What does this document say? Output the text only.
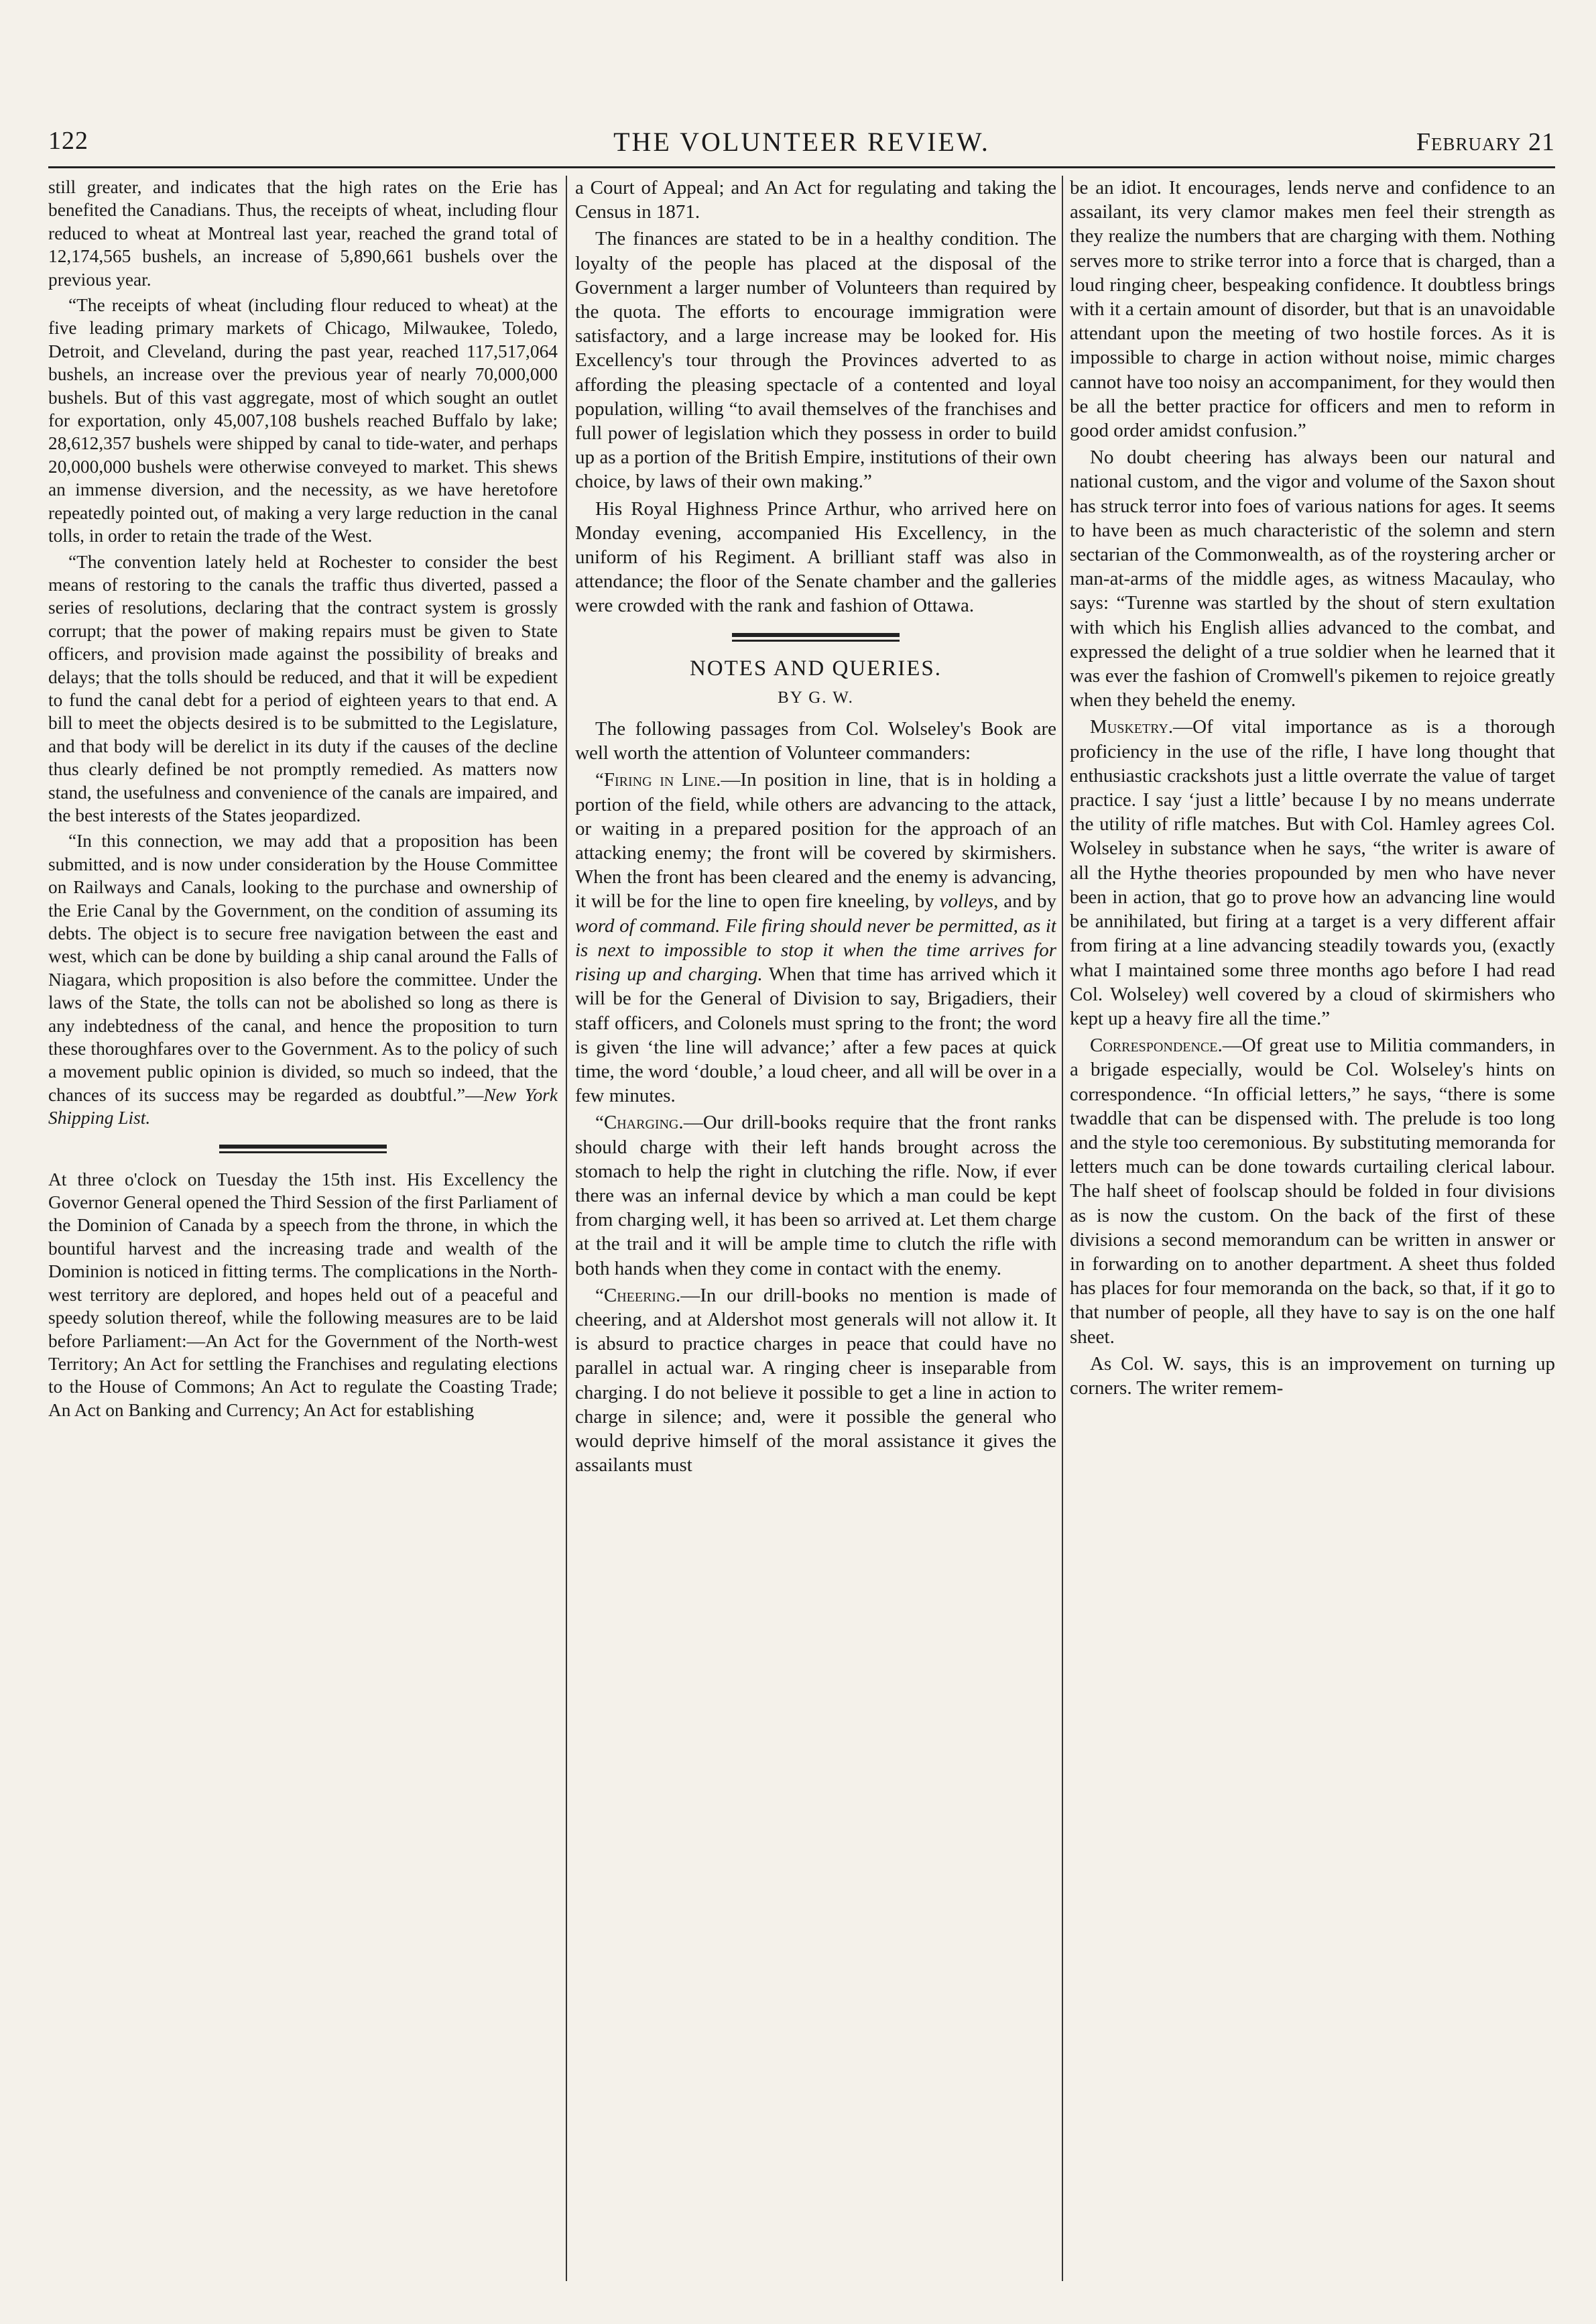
122	THE VOLUNTEER REVIEW.	February 21

still greater, and indicates that the high rates on the Erie has benefited the Canadians. Thus, the receipts of wheat, including flour reduced to wheat at Montreal last year, reached the grand total of 12,174,565 bushels, an increase of 5,890,661 bushels over the previous year.

“The receipts of wheat (including flour reduced to wheat) at the five leading primary markets of Chicago, Milwaukee, Toledo, Detroit, and Cleveland, during the past year, reached 117,517,064 bushels, an increase over the previous year of nearly 70,000,000 bushels. But of this vast aggregate, most of which sought an outlet for exportation, only 45,007,108 bushels reached Buffalo by lake; 28,612,357 bushels were shipped by canal to tide-water, and perhaps 20,000,000 bushels were otherwise conveyed to market. This shews an immense diversion, and the necessity, as we have heretofore repeatedly pointed out, of making a very large reduction in the canal tolls, in order to retain the trade of the West.

“The convention lately held at Rochester to consider the best means of restoring to the canals the traffic thus diverted, passed a series of resolutions, declaring that the contract system is grossly corrupt; that the power of making repairs must be given to State officers, and provision made against the possibility of breaks and delays; that the tolls should be reduced, and that it will be expedient to fund the canal debt for a period of eighteen years to that end. A bill to meet the objects desired is to be submitted to the Legislature, and that body will be derelict in its duty if the causes of the decline thus clearly defined be not promptly remedied. As matters now stand, the usefulness and convenience of the canals are impaired, and the best interests of the States jeopardized.

“In this connection, we may add that a proposition has been submitted, and is now under consideration by the House Committee on Railways and Canals, looking to the purchase and ownership of the Erie Canal by the Government, on the condition of assuming its debts. The object is to secure free navigation between the east and west, which can be done by building a ship canal around the Falls of Niagara, which proposition is also before the committee. Under the laws of the State, the tolls can not be abolished so long as there is any indebtedness of the canal, and hence the proposition to turn these thoroughfares over to the Government. As to the policy of such a movement public opinion is divided, so much so indeed, that the chances of its success may be regarded as doubtful.”—New York Shipping List.

At three o'clock on Tuesday the 15th inst. His Excellency the Governor General opened the Third Session of the first Parliament of the Dominion of Canada by a speech from the throne, in which the bountiful harvest and the increasing trade and wealth of the Dominion is noticed in fitting terms. The complications in the North-west territory are deplored, and hopes held out of a peaceful and speedy solution thereof, while the following measures are to be laid before Parliament:—An Act for the Government of the North-west Territory; An Act for settling the Franchises and regulating elections to the House of Commons; An Act to regulate the Coasting Trade; An Act on Banking and Currency; An Act for establishing

a Court of Appeal; and An Act for regulating and taking the Census in 1871.

The finances are stated to be in a healthy condition. The loyalty of the people has placed at the disposal of the Government a larger number of Volunteers than required by the quota. The efforts to encourage immigration were satisfactory, and a large increase may be looked for. His Excellency's tour through the Provinces adverted to as affording the pleasing spectacle of a contented and loyal population, willing “to avail themselves of the franchises and full power of legislation which they possess in order to build up as a portion of the British Empire, institutions of their own choice, by laws of their own making.”

His Royal Highness Prince Arthur, who arrived here on Monday evening, accompanied His Excellency, in the uniform of his Regiment. A brilliant staff was also in attendance; the floor of the Senate chamber and the galleries were crowded with the rank and fashion of Ottawa.

NOTES AND QUERIES.
BY G. W.

The following passages from Col. Wolseley's Book are well worth the attention of Volunteer commanders:

“Firing in Line.—In position in line, that is in holding a portion of the field, while others are advancing to the attack, or waiting in a prepared position for the approach of an attacking enemy; the front will be covered by skirmishers. When the front has been cleared and the enemy is advancing, it will be for the line to open fire kneeling, by volleys, and by word of command. File firing should never be permitted, as it is next to impossible to stop it when the time arrives for rising up and charging. When that time has arrived which it will be for the General of Division to say, Brigadiers, their staff officers, and Colonels must spring to the front; the word is given ‘the line will advance;’ after a few paces at quick time, the word ‘double,’ a loud cheer, and all will be over in a few minutes.

“Charging.—Our drill-books require that the front ranks should charge with their left hands brought across the stomach to help the right in clutching the rifle. Now, if ever there was an infernal device by which a man could be kept from charging well, it has been so arrived at. Let them charge at the trail and it will be ample time to clutch the rifle with both hands when they come in contact with the enemy.

“Cheering.—In our drill-books no mention is made of cheering, and at Aldershot most generals will not allow it. It is absurd to practice charges in peace that could have no parallel in actual war. A ringing cheer is inseparable from charging. I do not believe it possible to get a line in action to charge in silence; and, were it possible the general who would deprive himself of the moral assistance it gives the assailants must

be an idiot. It encourages, lends nerve and confidence to an assailant, its very clamor makes men feel their strength as they realize the numbers that are charging with them. Nothing serves more to strike terror into a force that is charged, than a loud ringing cheer, bespeaking confidence. It doubtless brings with it a certain amount of disorder, but that is an unavoidable attendant upon the meeting of two hostile forces. As it is impossible to charge in action without noise, mimic charges cannot have too noisy an accompaniment, for they would then be all the better practice for officers and men to reform in good order amidst confusion.”

No doubt cheering has always been our natural and national custom, and the vigor and volume of the Saxon shout has struck terror into foes of various nations for ages. It seems to have been as much characteristic of the solemn and stern sectarian of the Commonwealth, as of the roystering archer or man-at-arms of the middle ages, as witness Macaulay, who says: “Turenne was startled by the shout of stern exultation with which his English allies advanced to the combat, and expressed the delight of a true soldier when he learned that it was ever the fashion of Cromwell's pikemen to rejoice greatly when they beheld the enemy.

Musketry.—Of vital importance as is a thorough proficiency in the use of the rifle, I have long thought that enthusiastic crackshots just a little overrate the value of target practice. I say ‘just a little’ because I by no means underrate the utility of rifle matches. But with Col. Hamley agrees Col. Wolseley in substance when he says, “the writer is aware of all the Hythe theories propounded by men who have never been in action, that go to prove how an advancing line would be annihilated, but firing at a target is a very different affair from firing at a line advancing steadily towards you, (exactly what I maintained some three months ago before I had read Col. Wolseley) well covered by a cloud of skirmishers who kept up a heavy fire all the time.”

Correspondence.—Of great use to Militia commanders, in a brigade especially, would be Col. Wolseley's hints on correspondence. “In official letters,” he says, “there is some twaddle that can be dispensed with. The prelude is too long and the style too ceremonious. By substituting memoranda for letters much can be done towards curtailing clerical labour. The half sheet of foolscap should be folded in four divisions as is now the custom. On the back of the first of these divisions a second memorandum can be written in answer or in forwarding on to another department. A sheet thus folded has places for four memoranda on the back, so that, if it go to that number of people, all they have to say is on the one half sheet.

As Col. W. says, this is an improvement on turning up corners. The writer remem-
